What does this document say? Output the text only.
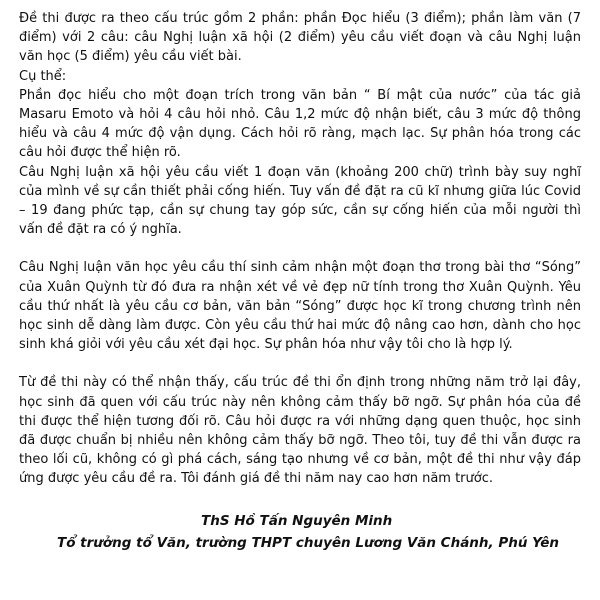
Đề thi được ra theo cấu trúc gồm 2 phần: phần Đọc hiểu (3 điểm); phần làm văn (7 điểm) với 2 câu: câu Nghị luận xã hội (2 điểm) yêu cầu viết đoạn và câu Nghị luận văn học (5 điểm) yêu cầu viết bài.

Cụ thể:

Phần đọc hiểu cho một đoạn trích trong văn bản “ Bí mật của nước” của tác giả Masaru Emoto và hỏi 4 câu hỏi nhỏ. Câu 1,2 mức độ nhận biết, câu 3 mức độ thông hiểu và câu 4 mức độ vận dụng. Cách hỏi rõ ràng, mạch lạc. Sự phân hóa trong các câu hỏi được thể hiện rõ.

Câu Nghị luận xã hội yêu cầu viết 1 đoạn văn (khoảng 200 chữ) trình bày suy nghĩ của mình về sự cần thiết phải cống hiến. Tuy vấn đề đặt ra cũ kĩ nhưng giữa lúc Covid – 19 đang phức tạp, cần sự chung tay góp sức, cần sự cống hiến của mỗi người thì vấn đề đặt ra có ý nghĩa.

Câu Nghị luận văn học yêu cầu thí sinh cảm nhận một đoạn thơ trong bài thơ “Sóng” của Xuân Quỳnh từ đó đưa ra nhận xét về vẻ đẹp nữ tính trong thơ Xuân Quỳnh. Yêu cầu thứ nhất là yêu cầu cơ bản, văn bản “Sóng” được học kĩ trong chương trình nên học sinh dễ dàng làm được. Còn yêu cầu thứ hai mức độ nâng cao hơn, dành cho học sinh khá giỏi với yêu cầu xét đại học. Sự phân hóa như vậy tôi cho là hợp lý.

Từ đề thi này có thể nhận thấy, cấu trúc đề thi ổn định trong những năm trở lại đây, học sinh đã quen với cấu trúc này nên không cảm thấy bỡ ngỡ. Sự phân hóa của đề thi được thể hiện tương đối rõ. Câu hỏi được ra với những dạng quen thuộc, học sinh đã được chuẩn bị nhiều nên không cảm thấy bỡ ngỡ. Theo tôi, tuy đề thi vẫn được ra theo lối cũ, không có gì phá cách, sáng tạo nhưng về cơ bản, một đề thi như vậy đáp ứng được yêu cầu đề ra. Tôi đánh giá đề thi năm nay cao hơn năm trước.

ThS Hồ Tấn Nguyên Minh
Tổ trưởng tổ Văn, trường THPT chuyên Lương Văn Chánh, Phú Yên
